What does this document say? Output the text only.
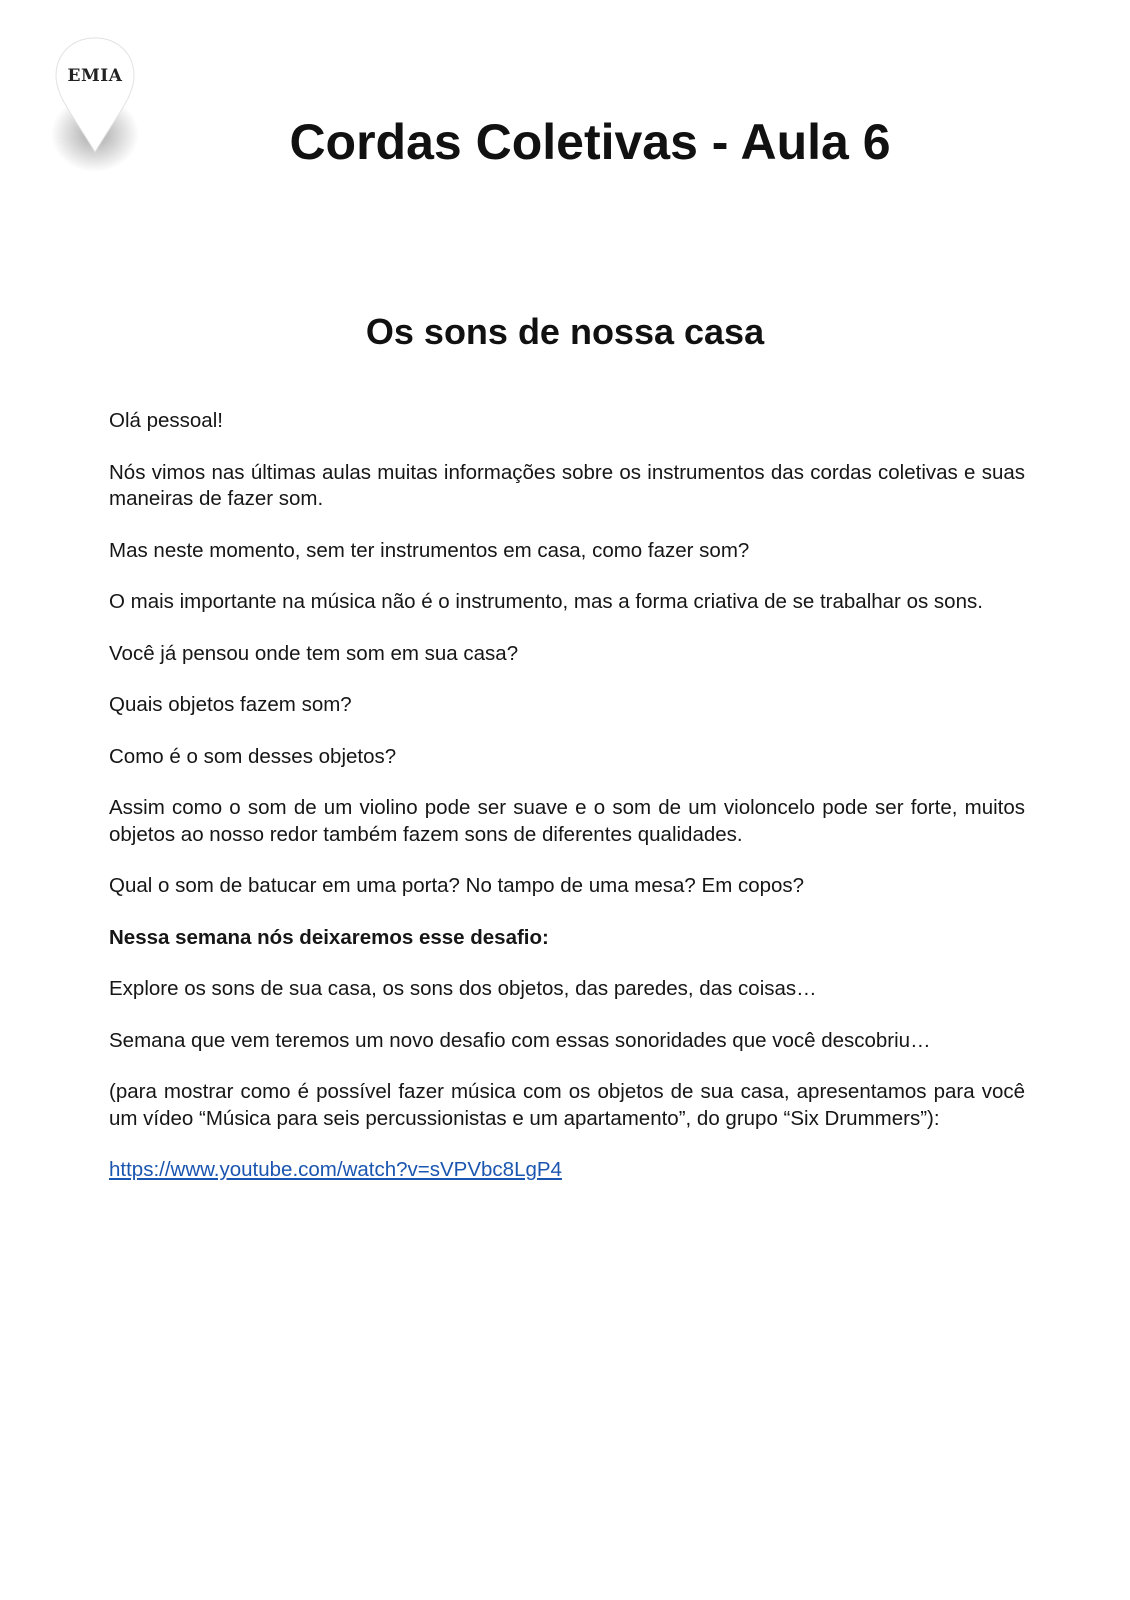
EMIA
Cordas Coletivas - Aula 6
Os sons de nossa casa

Olá pessoal!

Nós vimos nas últimas aulas muitas informações sobre os instrumentos das cordas coletivas e suas maneiras de fazer som.

Mas neste momento, sem ter instrumentos em casa, como fazer som?

O mais importante na música não é o instrumento, mas a forma criativa de se trabalhar os sons.

Você já pensou onde tem som em sua casa?

Quais objetos fazem som?

Como é o som desses objetos?

Assim como o som de um violino pode ser suave e o som de um violoncelo pode ser forte, muitos objetos ao nosso redor também fazem sons de diferentes qualidades.

Qual o som de batucar em uma porta? No tampo de uma mesa? Em copos?

Nessa semana nós deixaremos esse desafio:

Explore os sons de sua casa, os sons dos objetos, das paredes, das coisas…

Semana que vem teremos um novo desafio com essas sonoridades que você descobriu…

(para mostrar como é possível fazer música com os objetos de sua casa, apresentamos para você um vídeo “Música para seis percussionistas e um apartamento”, do grupo “Six Drummers”):

https://www.youtube.com/watch?v=sVPVbc8LgP4
